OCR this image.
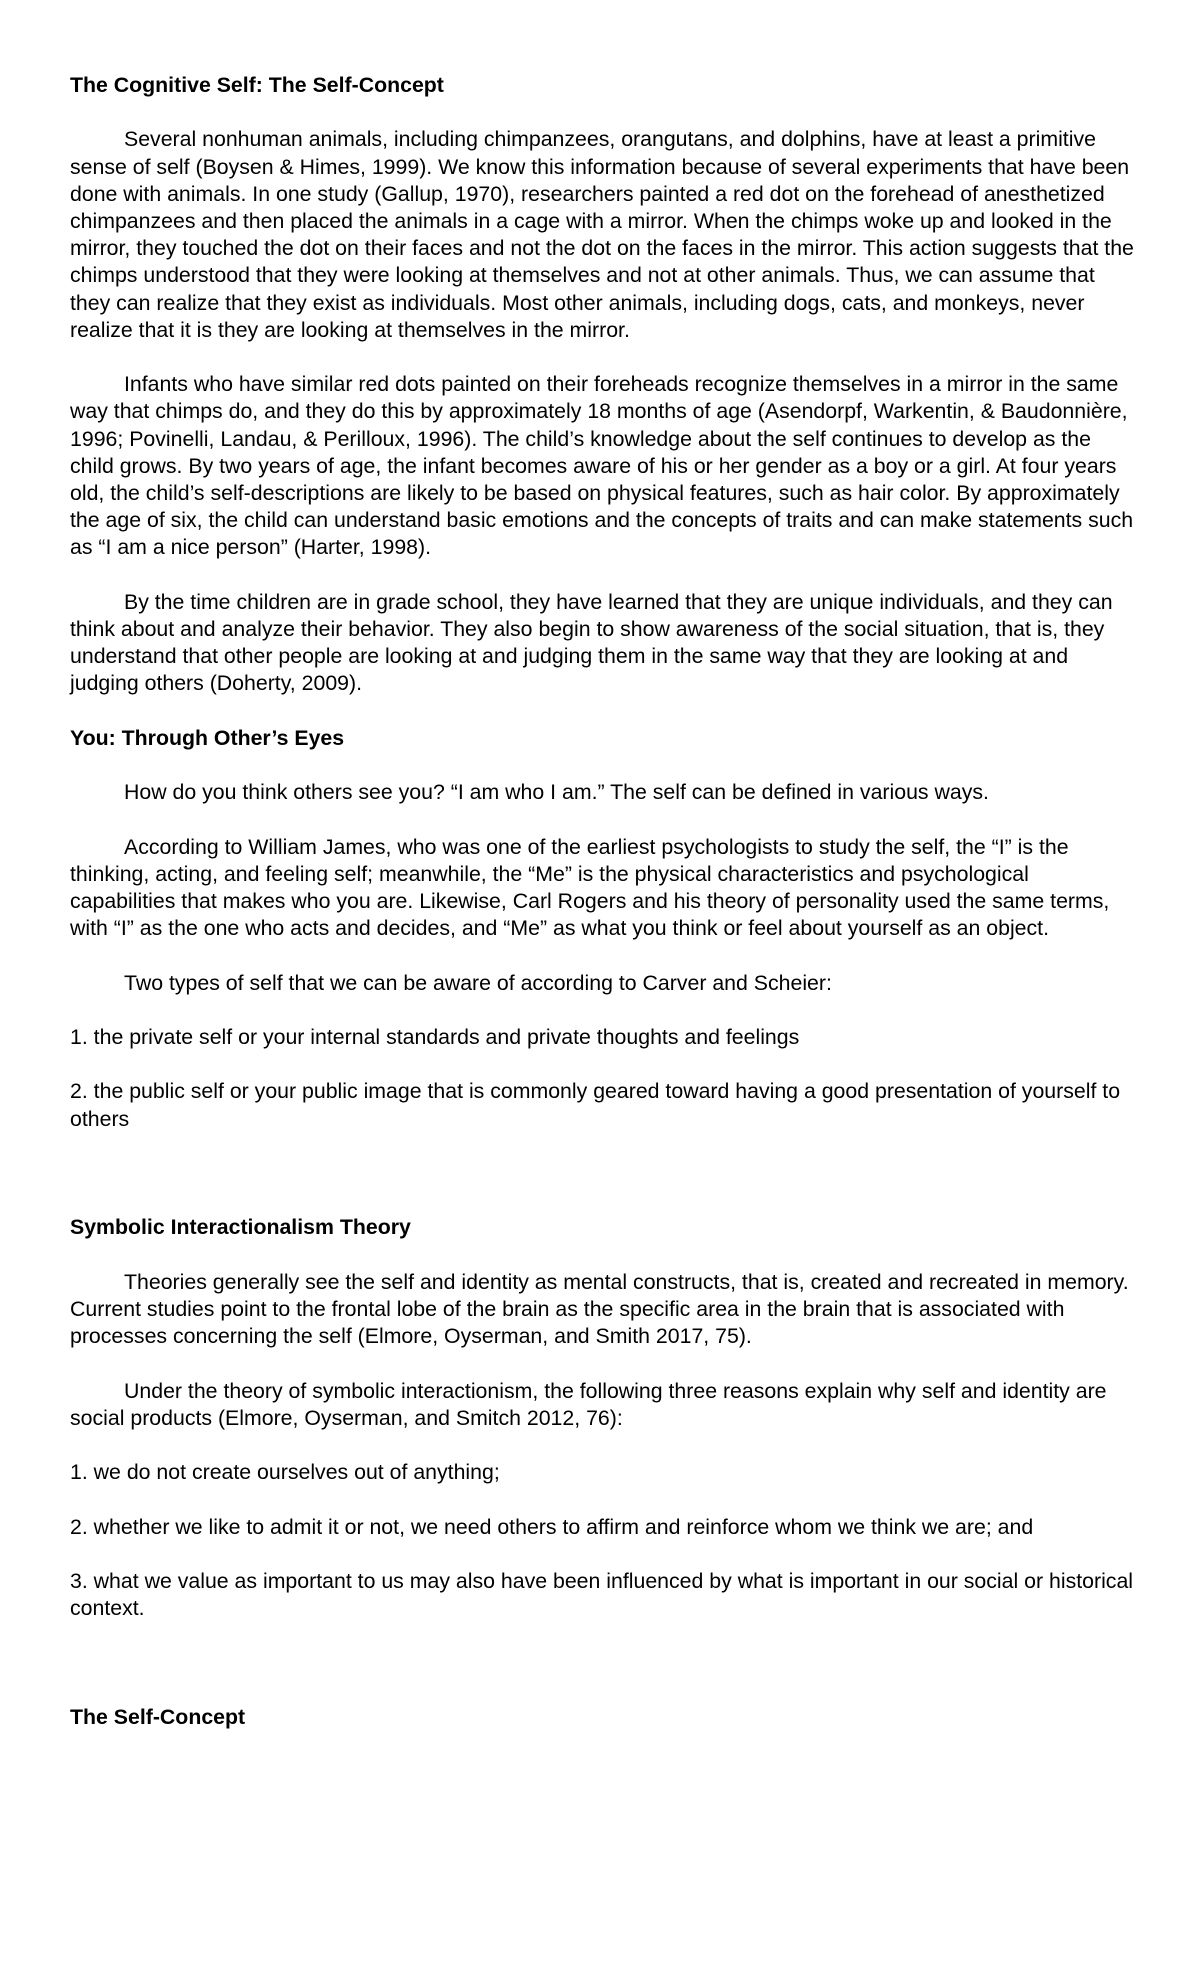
The Cognitive Self: The Self-Concept

Several nonhuman animals, including chimpanzees, orangutans, and dolphins, have at least a primitive sense of self (Boysen & Himes, 1999). We know this information because of several experiments that have been done with animals. In one study (Gallup, 1970), researchers painted a red dot on the forehead of anesthetized chimpanzees and then placed the animals in a cage with a mirror. When the chimps woke up and looked in the mirror, they touched the dot on their faces and not the dot on the faces in the mirror. This action suggests that the chimps understood that they were looking at themselves and not at other animals. Thus, we can assume that they can realize that they exist as individuals. Most other animals, including dogs, cats, and monkeys, never realize that it is they are looking at themselves in the mirror.

Infants who have similar red dots painted on their foreheads recognize themselves in a mirror in the same way that chimps do, and they do this by approximately 18 months of age (Asendorpf, Warkentin, & Baudonnière, 1996; Povinelli, Landau, & Perilloux, 1996). The child’s knowledge about the self continues to develop as the child grows. By two years of age, the infant becomes aware of his or her gender as a boy or a girl. At four years old, the child’s self-descriptions are likely to be based on physical features, such as hair color. By approximately the age of six, the child can understand basic emotions and the concepts of traits and can make statements such as “I am a nice person” (Harter, 1998).

By the time children are in grade school, they have learned that they are unique individuals, and they can think about and analyze their behavior. They also begin to show awareness of the social situation, that is, they understand that other people are looking at and judging them in the same way that they are looking at and judging others (Doherty, 2009).

You: Through Other’s Eyes

How do you think others see you? “I am who I am.” The self can be defined in various ways.

According to William James, who was one of the earliest psychologists to study the self, the “I” is the thinking, acting, and feeling self; meanwhile, the “Me” is the physical characteristics and psychological capabilities that makes who you are. Likewise, Carl Rogers and his theory of personality used the same terms, with “I” as the one who acts and decides, and “Me” as what you think or feel about yourself as an object.

Two types of self that we can be aware of according to Carver and Scheier:

1. the private self or your internal standards and private thoughts and feelings

2. the public self or your public image that is commonly geared toward having a good presentation of yourself to others

Symbolic Interactionalism Theory

Theories generally see the self and identity as mental constructs, that is, created and recreated in memory. Current studies point to the frontal lobe of the brain as the specific area in the brain that is associated with processes concerning the self (Elmore, Oyserman, and Smith 2017, 75).

Under the theory of symbolic interactionism, the following three reasons explain why self and identity are social products (Elmore, Oyserman, and Smitch 2012, 76):

1. we do not create ourselves out of anything;

2. whether we like to admit it or not, we need others to affirm and reinforce whom we think we are; and

3. what we value as important to us may also have been influenced by what is important in our social or historical context.

The Self-Concept
